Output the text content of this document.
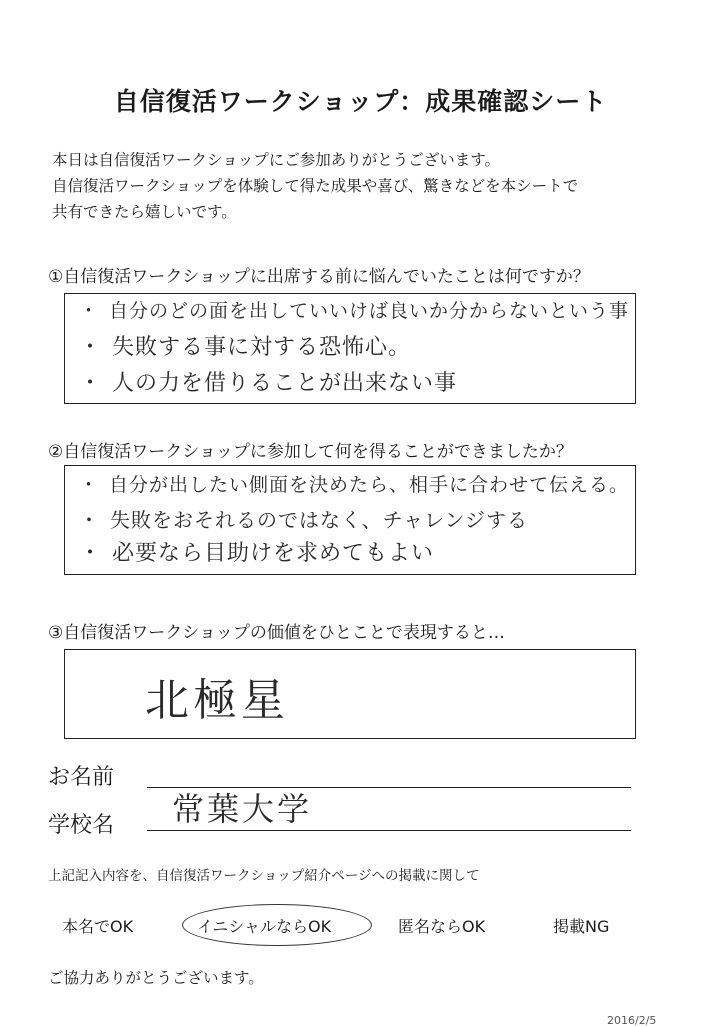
自信復活ワークショップ：成果確認シート
本日は自信復活ワークショップにご参加ありがとうございます。
自信復活ワークショップを体験して得た成果や喜び、驚きなどを本シートで
共有できたら嬉しいです。
①自信復活ワークショップに出席する前に悩んでいたことは何ですか？
・ 自分のどの面を出していいけば良いか分からないという事
・ 失敗する事に対する恐怖心。
・ 人の力を借りることが出来ない事
②自信復活ワークショップに参加して何を得ることができましたか？
・ 自分が出したい側面を決めたら、相手に合わせて伝える。
・ 失敗をおそれるのではなく、チャレンジする
・ 必要なら目助けを求めてもよい
③自信復活ワークショップの価値をひとことで表現すると…
北極星
お名前
学校名 常葉大学
上記記入内容を、自信復活ワークショップ紹介ページへの掲載に関して
本名でOK	イニシャルならOK	匿名ならOK	掲載NG
ご協力ありがとうございます。
2016/2/5
